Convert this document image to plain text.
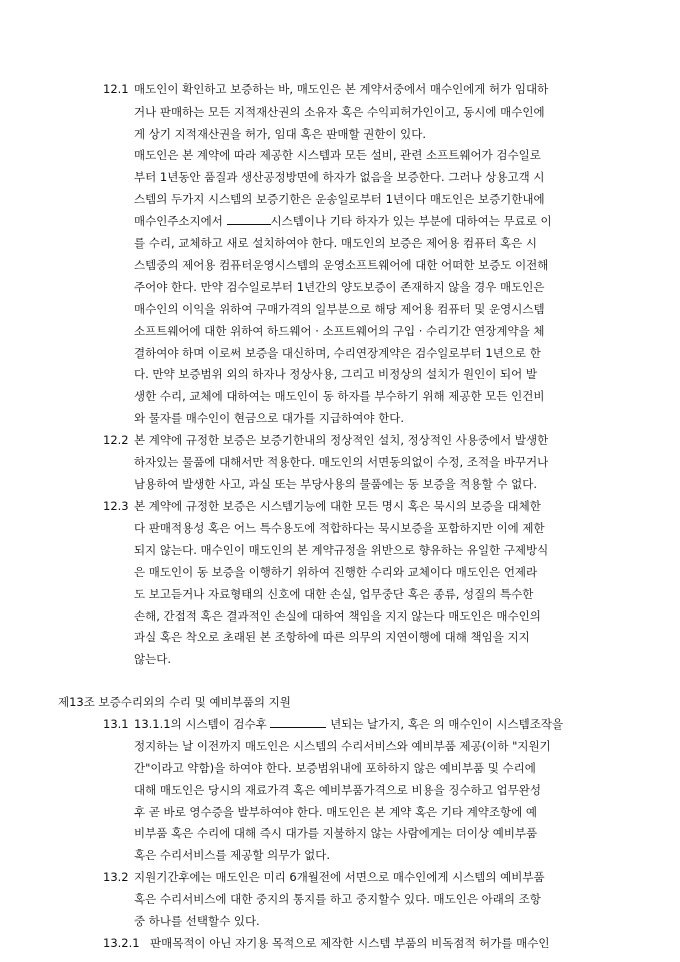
12.1 매도인이 확인하고 보증하는 바, 매도인은 본 계약서중에서 매수인에게 허가 임대하
거나 판매하는 모든 지적재산권의 소유자 혹은 수익피허가인이고, 동시에 매수인에
게 상기 지적재산권을 허가, 임대 혹은 판매할 권한이 있다.
매도인은 본 계약에 따라 제공한 시스템과 모든 설비, 관련 소프트웨어가 검수일로
부터 1년동안 품질과 생산공정방면에 하자가 없음을 보증한다. 그러나 상용고객 시
스템의 두가지 시스템의 보증기한은 운송일로부터 1년이다 매도인은 보증기한내에
매수인주소지에서	시스템이나 기타 하자가 있는 부분에 대하여는 무료로 이
를 수리, 교체하고 새로 설치하여야 한다. 매도인의 보증은 제어용 컴퓨터 혹은 시
스템중의 제어용 컴퓨터운영시스템의 운영소프트웨어에 대한 어떠한 보증도 이전해
주어야 한다. 만약 검수일로부터 1년간의 양도보증이 존재하지 않을 경우 매도인은
매수인의 이익을 위하여 구매가격의 일부분으로 해당 제어용 컴퓨터 및 운영시스템
소프트웨어에 대한 위하여 하드웨어 · 소프트웨어의 구입 · 수리기간 연장계약을 체
결하여야 하며 이로써 보증을 대신하며, 수리연장계약은 검수일로부터 1년으로 한
다. 만약 보증범위 외의 하자나 정상사용, 그리고 비정상의 설치가 원인이 되어 발
생한 수리, 교체에 대하여는 매도인이 동 하자를 부수하기 위해 제공한 모든 인건비
와 물자를 매수인이 현금으로 대가를 지급하여야 한다.
12.2 본 계약에 규정한 보증은 보증기한내의 정상적인 설치, 정상적인 사용중에서 발생한
하자있는 물품에 대해서만 적용한다. 매도인의 서면동의없이 수정, 조적을 바꾸거나
남용하여 발생한 사고, 과실 또는 부당사용의 물품에는 동 보증을 적용할 수 없다.
12.3 본 계약에 규정한 보증은 시스템기능에 대한 모든 명시 혹은 묵시의 보증을 대체한
다 판매적용성 혹은 어느 특수용도에 적합하다는 묵시보증을 포함하지만 이에 제한
되지 않는다. 매수인이 매도인의 본 계약규정을 위반으로 향유하는 유일한 구제방식
은 매도인이 동 보증을 이행하기 위하여 진행한 수리와 교체이다 매도인은 언제라
도 보고듣거나 자료형태의 신호에 대한 손실, 업무중단 혹은 종류, 성질의 특수한
손해, 간접적 혹은 결과적인 손실에 대하여 책임을 지지 않는다 매도인은 매수인의
과실 혹은 착오로 초래된 본 조항하에 따른 의무의 지연이행에 대해 책임을 지지
않는다.
제13조 보증수리외의 수리 및 예비부품의 지원
13.1 13.1.1의 시스템이 검수후	년되는 날가지, 혹은 의 매수인이 시스템조작을
정지하는 날 이전까지 매도인은 시스템의 수리서비스와 예비부품 제공(이하 "지원기
간"이라고 약함)을 하여야 한다. 보증범위내에 포하하지 않은 예비부품 및 수리에
대해 매도인은 당시의 재료가격 혹은 예비부품가격으로 비용을 징수하고 업무완성
후 곧 바로 영수증을 발부하여야 한다. 매도인은 본 계약 혹은 기타 계약조항에 예
비부품 혹은 수리에 대해 즉시 대가를 지불하지 않는 사람에게는 더이상 예비부품
혹은 수리서비스를 제공할 의무가 없다.
13.2 지원기간후에는 매도인은 미리 6개월전에 서면으로 매수인에게 시스템의 예비부품
혹은 수리서비스에 대한 중지의 통지를 하고 중지할수 있다. 매도인은 아래의 조항
중 하나를 선택할수 있다.
13.2.1 판매목적이 아닌 자기용 목적으로 제작한 시스템 부품의 비독점적 허가를 매수인
